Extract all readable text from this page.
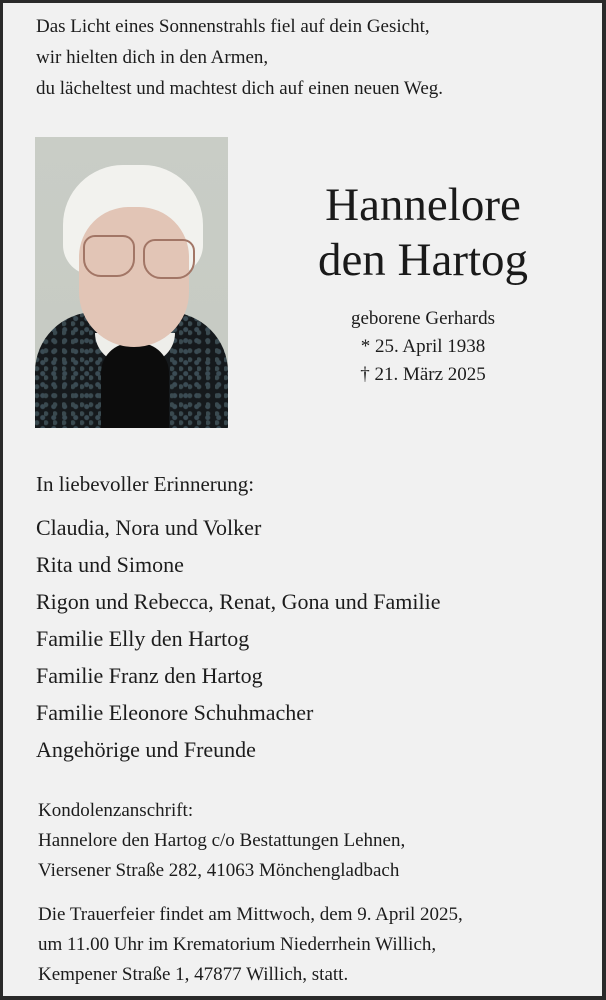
Das Licht eines Sonnenstrahls fiel auf dein Gesicht,
wir hielten dich in den Armen,
du lächeltest und machtest dich auf einen neuen Weg.
Hannelore
den Hartog
geborene Gerhards
* 25. April 1938
† 21. März 2025
In liebevoller Erinnerung:
Claudia, Nora und Volker
Rita und Simone
Rigon und Rebecca, Renat, Gona und Familie
Familie Elly den Hartog
Familie Franz den Hartog
Familie Eleonore Schuhmacher
Angehörige und Freunde
Kondolenzanschrift:
Hannelore den Hartog c/o Bestattungen Lehnen,
Viersener Straße 282, 41063 Mönchengladbach
Die Trauerfeier findet am Mittwoch, dem 9. April 2025,
um 11.00 Uhr im Krematorium Niederrhein Willich,
Kempener Straße 1, 47877 Willich, statt.
